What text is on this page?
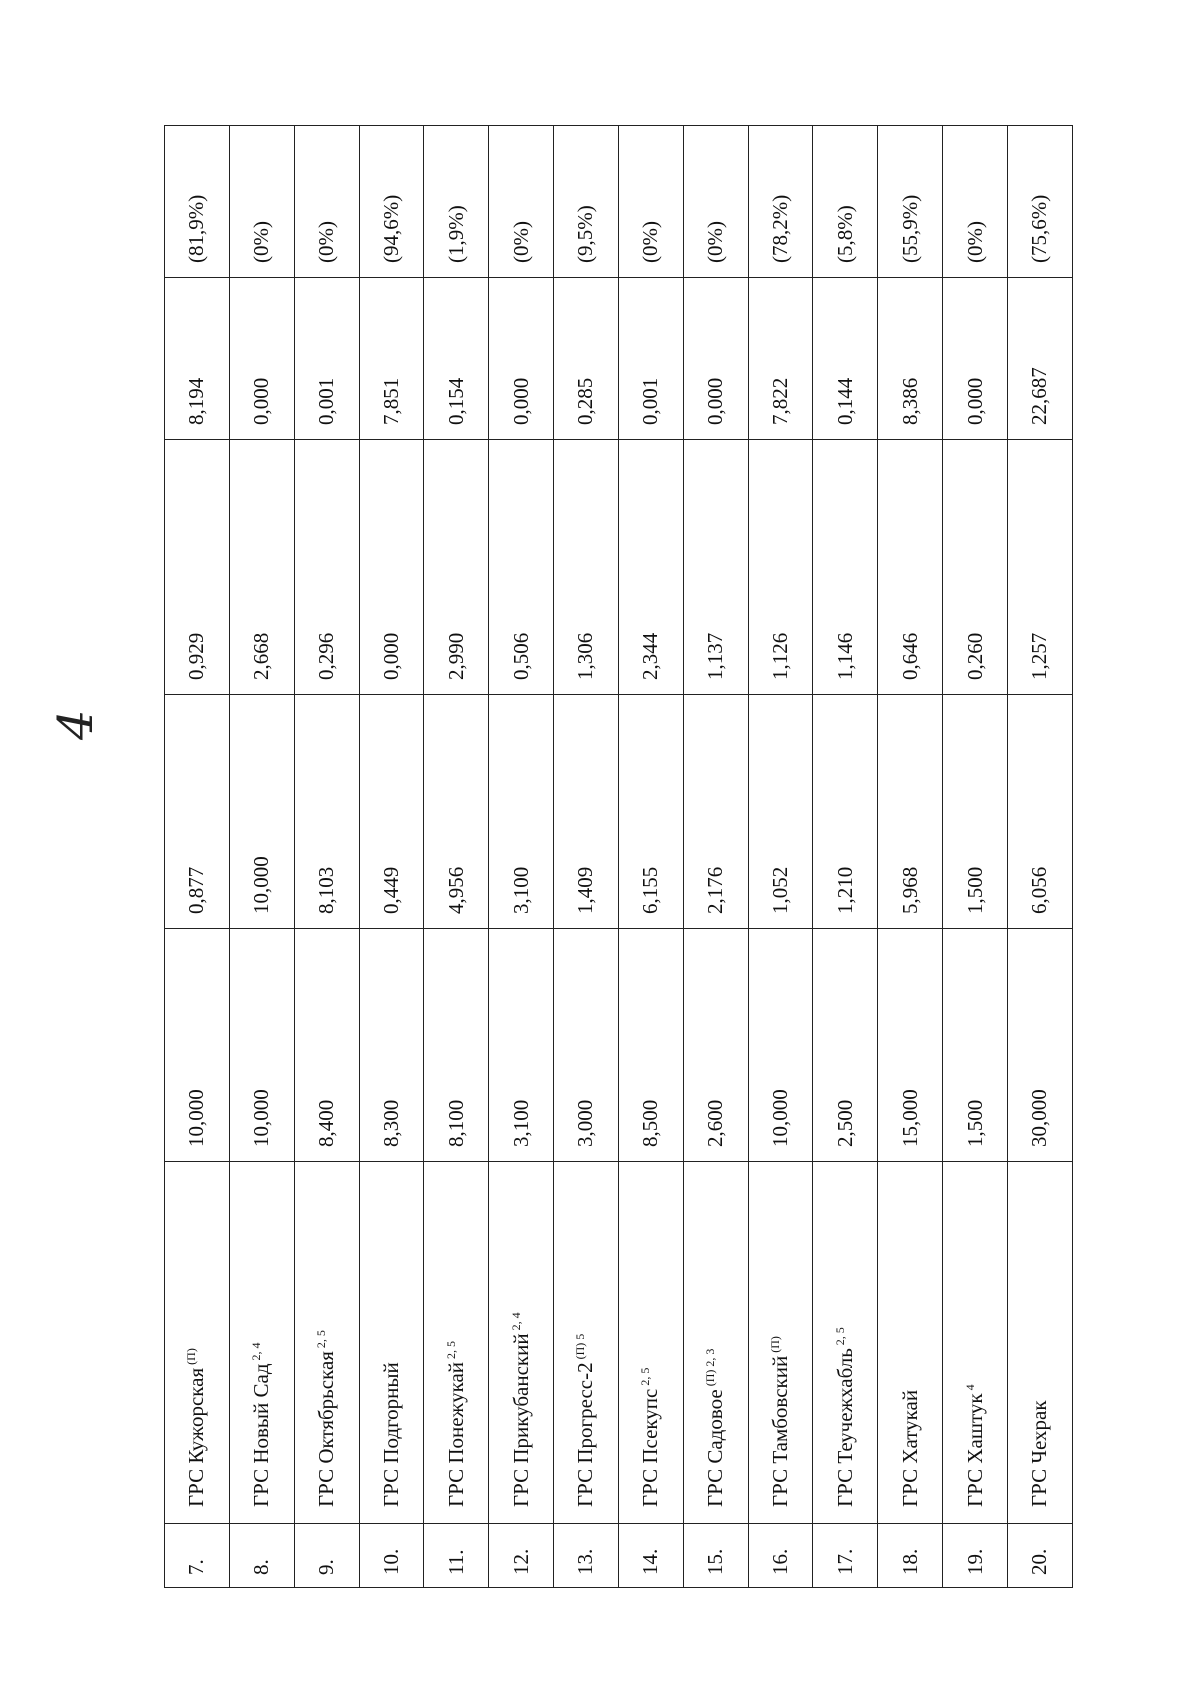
4
7.	ГРС Кужорская$^{(П)}$	10,000	0,877	0,929	8,194	(81,9%)
8.	ГРС Новый Сад$^{2, 4}$	10,000	10,000	2,668	0,000	(0%)
9.	ГРС Октябрьская$^{2, 5}$	8,400	8,103	0,296	0,001	(0%)
10.	ГРС Подгорный	8,300	0,449	0,000	7,851	(94,6%)
11.	ГРС Понежукай$^{2, 5}$	8,100	4,956	2,990	0,154	(1,9%)
12.	ГРС Прикубанский$^{2, 4}$	3,100	3,100	0,506	0,000	(0%)
13.	ГРС Прогресс-$2^{(П) 5}$	3,000	1,409	1,306	0,285	(9,5%)
14.	ГРС Псекупс$^{2, 5}$	8,500	6,155	2,344	0,001	(0%)
15.	ГРС Садовое$^{(П) 2, 3}$	2,600	2,176	1,137	0,000	(0%)
16.	ГРС Тамбовский$^{(П)}$	10,000	1,052	1,126	7,822	(78,2%)
17.	ГРС Теучежхабль$^{2, 5}$	2,500	1,210	1,146	0,144	(5,8%)
18.	ГРС Хатукай	15,000	5,968	0,646	8,386	(55,9%)
19.	ГРС Хаштук$^4$	1,500	1,500	0,260	0,000	(0%)
20.	ГРС Чехрак	30,000	6,056	1,257	22,687	(75,6%)
